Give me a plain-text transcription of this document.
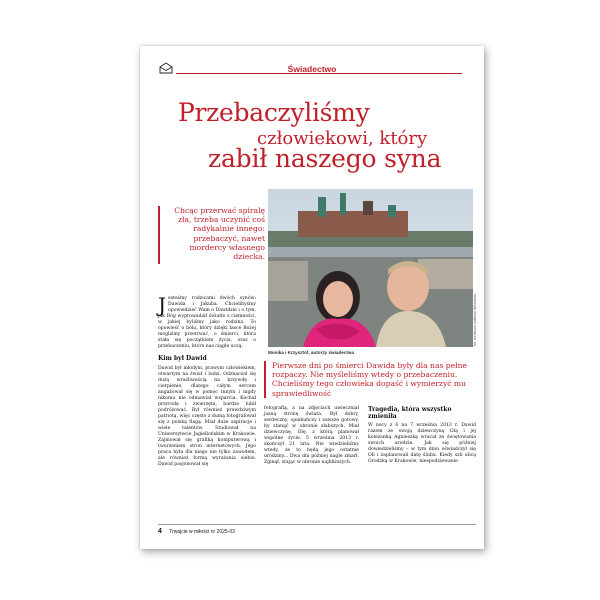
Świadectwo
Przebaczyliśmy
człowiekowi, który
zabił naszego syna

Chcąc przerwać spiralę zła, trzeba uczynić coś radykalnie innego: przebaczyć, nawet mordercy własnego dziecka.

fot. archiwum rodzinne Wosiakow
Monika i Krzysztof, autorzy świadectwa
J esteśmy rodzicami dwóch synów: Dawida i Jakuba. Chcielibyśmy opowiedzieć Wam o Dawidzie i o tym, jak Bóg wyprowadził światło z ciemności, w jakiej byliśmy jako rodzina. To opowieść o bólu, który dzięki łasce Bożej mogliśmy przetrwać, o śmierci, która stała się początkiem życia, oraz o przebaczeniu, które nas ciągle uczą.

Kim był Dawid

Dawid był młodym, prawym człowiekiem, otwartym na świat i ludzi. Odznaczał się dużą wrażliwością na krzywdę i cierpienie, dlatego całym sercem angażował się w pomoc innym i nigdy nikomu nie odmawiał wsparcia. Kochał przyrodę i zwierzęta, bardzo lubił podróżować. Był również prawdziwym patriotą, więc często z dumą fotografował się z polską flagą. Miał duże aspiracje i wiele talentów. Studiował na Uniwersytecie Jagiellońskim w Krakowie. Zajmował się grafiką komputerową i tworzeniem stron internetowych. Jego praca była dla niego nie tylko zawodem, ale również formą wyrażania siebie. Dawid pasjonował się

Pierwsze dni po śmierci Dawida były dla nas pełne rozpaczy. Nie myśleliśmy wtedy o przebaczeniu. Chcieliśmy tego człowieka dopaść i wymierzyć mu sprawiedliwość

fotografią, a na zdjęciach uwieczniał jasną stronę świata. Był dobry, serdeczny, opiekuńczy i zawsze gotowy, by stanąć w obronie słabszych. Miał dziewczynę, Olę, z którą planował wspólne życie. 5 września 2013 r. skończył 21 lata. Nie wiedzieliśmy wtedy, że to będą jego ostatnie urodziny... Dwa dni później nagle zmarł. Zginął, stając w obronie najbliższych.

Tragedia, która wszystko zmieniła

W nocy z 6 na 7 września 2013 r. Dawid razem ze swoją dziewczyną Olą i jej koleżanką Agnieszką wracał ze świętowania swoich urodzin. Jak się później dowiedzieliśmy – w tym dniu oświadczył się Oli i zaplanowali datę ślubu. Kiedy szli ulicą Grodzką w Krakowie, niespodziewanie

4 Trwajcie w miłości nr 2025-03
